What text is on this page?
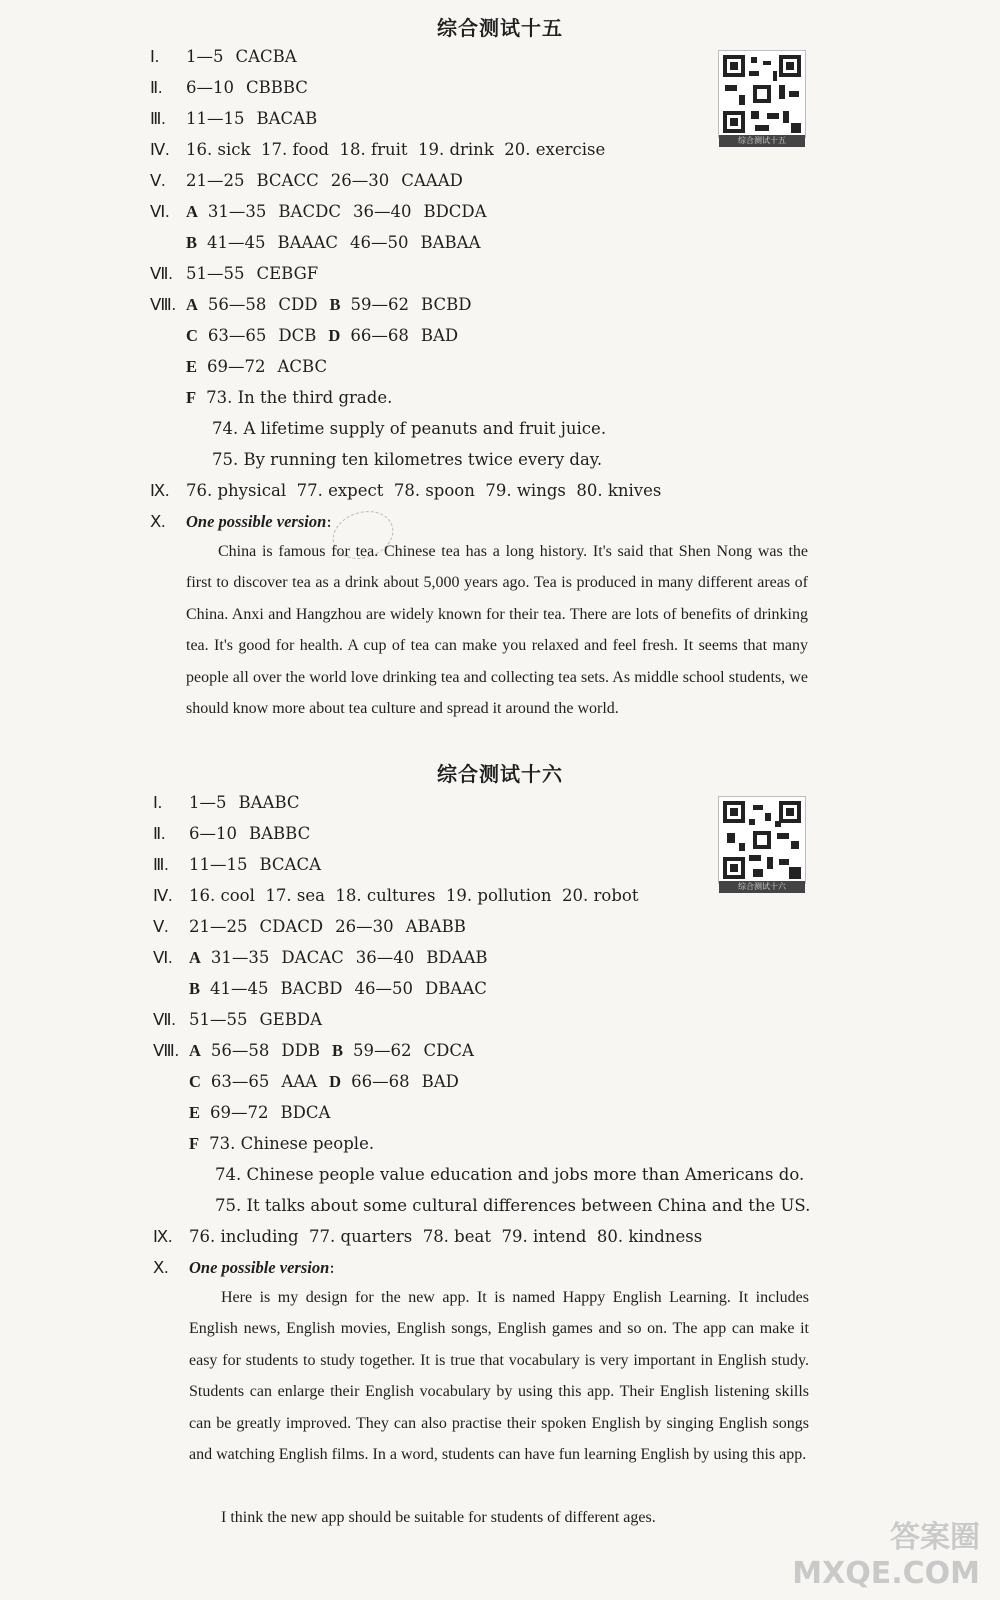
综合测试十五
综合测试十五
Ⅰ. 1—5 CACBA
Ⅱ. 6—10 CBBBC
Ⅲ. 11—15 BACAB
Ⅳ. 16. sick  17. food  18. fruit  19. drink  20. exercise
Ⅴ. 21—25 BCACC 26—30 CAAAD
Ⅵ. A 31—35 BACDC 36—40 BDCDA
B 41—45 BAAAC 46—50 BABAA
Ⅶ. 51—55 CEBGF
Ⅷ. A 56—58 CDD B 59—62 BCBD
C 63—65 DCB D 66—68 BAD
E 69—72 ACBC
F 73. In the third grade.
74. A lifetime supply of peanuts and fruit juice.
75. By running ten kilometres twice every day.
Ⅸ. 76. physical  77. expect  78. spoon  79. wings  80. knives
Ⅹ. One possible version:
China is famous for tea. Chinese tea has a long history. It's said that Shen Nong was the first to discover tea as a drink about 5,000 years ago. Tea is produced in many different areas of China. Anxi and Hangzhou are widely known for their tea. There are lots of benefits of drinking tea. It's good for health. A cup of tea can make you relaxed and feel fresh. It seems that many people all over the world love drinking tea and collecting tea sets. As middle school students, we should know more about tea culture and spread it around the world.
综合测试十六
综合测试十六
Ⅰ. 1—5 BAABC
Ⅱ. 6—10 BABBC
Ⅲ. 11—15 BCACA
Ⅳ. 16. cool  17. sea  18. cultures  19. pollution  20. robot
Ⅴ. 21—25 CDACD 26—30 ABABB
Ⅵ. A 31—35 DACAC 36—40 BDAAB
B 41—45 BACBD 46—50 DBAAC
Ⅶ. 51—55 GEBDA
Ⅷ. A 56—58 DDB B 59—62 CDCA
C 63—65 AAA D 66—68 BAD
E 69—72 BDCA
F 73. Chinese people.
74. Chinese people value education and jobs more than Americans do.
75. It talks about some cultural differences between China and the US.
Ⅸ. 76. including  77. quarters  78. beat  79. intend  80. kindness
Ⅹ. One possible version:
Here is my design for the new app. It is named Happy English Learning. It includes English news, English movies, English songs, English games and so on. The app can make it easy for students to study together. It is true that vocabulary is very important in English study. Students can enlarge their English vocabulary by using this app. Their English listening skills can be greatly improved. They can also practise their spoken English by singing English songs and watching English films. In a word, students can have fun learning English by using this app.
I think the new app should be suitable for students of different ages.
答案圈
MXQE.COM
